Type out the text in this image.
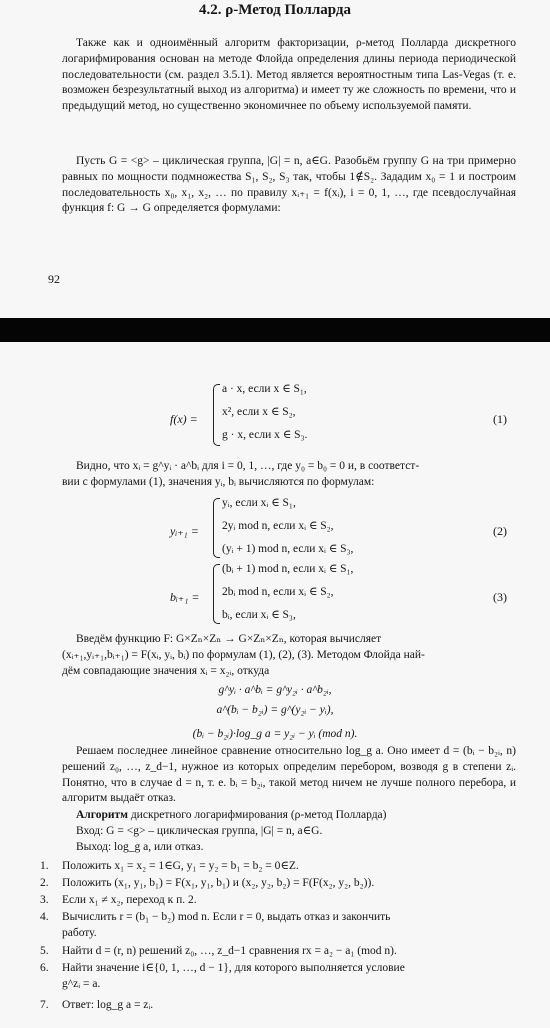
4.2. ρ-Метод Полларда
Также как и одноимённый алгоритм факторизации, ρ-метод Полларда дискретного логарифмирования основан на методе Флойда определения длины периода периодической последовательности (см. раздел 3.5.1). Метод является вероятностным типа Las-Vegas (т. е. возможен безрезультатный выход из алгоритма) и имеет ту же сложность по времени, что и предыдущий метод, но существенно экономичнее по объему используемой памяти.
Пусть G = <g> – циклическая группа, |G| = n, a∈G. Разобьём группу G на три примерно равных по мощности подмножества S₁, S₂, S₃ так, чтобы 1∉S₂. Зададим x₀ = 1 и построим последовательность x₀, x₁, x₂, … по правилу xᵢ₊₁ = f(xᵢ), i = 0, 1, …, где псевдослучайная функция f: G → G определяется формулами:
92
f(x) =
a · x, если x ∈ S₁,
x², если x ∈ S₂,
g · x, если x ∈ S₃.
(1)
Видно, что xᵢ = g^yᵢ · a^bᵢ для i = 0, 1, …, где y₀ = b₀ = 0 и, в соответст-
вии с формулами (1), значения yᵢ, bᵢ вычисляются по формулам:
yᵢ₊₁ =
yᵢ, если xᵢ ∈ S₁,
2yᵢ mod n, если xᵢ ∈ S₂,
(yᵢ + 1) mod n, если xᵢ ∈ S₃,
(2)
bᵢ₊₁ =
(bᵢ + 1) mod n, если xᵢ ∈ S₁,
2bᵢ mod n, если xᵢ ∈ S₂,
bᵢ, если xᵢ ∈ S₃,
(3)
Введём функцию F: G×Zₙ×Zₙ → G×Zₙ×Zₙ, которая вычисляет
(xᵢ₊₁,yᵢ₊₁,bᵢ₊₁) = F(xᵢ, yᵢ, bᵢ) по формулам (1), (2), (3). Методом Флойда най-
дём совпадающие значения xᵢ = x₂ᵢ, откуда
g^yᵢ · a^bᵢ = g^y₂ᵢ · a^b₂ᵢ,
a^(bᵢ − b₂ᵢ) = g^(y₂ᵢ − yᵢ),
(bᵢ − b₂ᵢ)·log_g a = y₂ᵢ − yᵢ (mod n).
Решаем последнее линейное сравнение относительно log_g a. Оно имеет d = (bᵢ − b₂ᵢ, n) решений z₀, …, z_d−1, нужное из которых определим перебором, возводя g в степени zᵢ. Понятно, что в случае d = n, т. е. bᵢ = b₂ᵢ, такой метод ничем не лучше полного перебора, и алгоритм выдаёт отказ.
Алгоритм дискретного логарифмирования (ρ-метод Полларда)
Вход: G = <g> – циклическая группа, |G| = n, a∈G.
Выход: log_g a, или отказ.
1. Положить x₁ = x₂ = 1∈G, y₁ = y₂ = b₁ = b₂ = 0∈Z.
2. Положить (x₁, y₁, b₁) = F(x₁, y₁, b₁) и (x₂, y₂, b₂) = F(F(x₂, y₂, b₂)).
3. Если x₁ ≠ x₂, переход к п. 2.
4. Вычислить r = (b₁ − b₂) mod n. Если r = 0, выдать отказ и закончить
работу.
5. Найти d = (r, n) решений z₀, …, z_d−1 сравнения rx = a₂ − a₁ (mod n).
6. Найти значение i∈{0, 1, …, d − 1}, для которого выполняется условие
g^zᵢ = a.
7. Ответ: log_g a = zᵢ.
